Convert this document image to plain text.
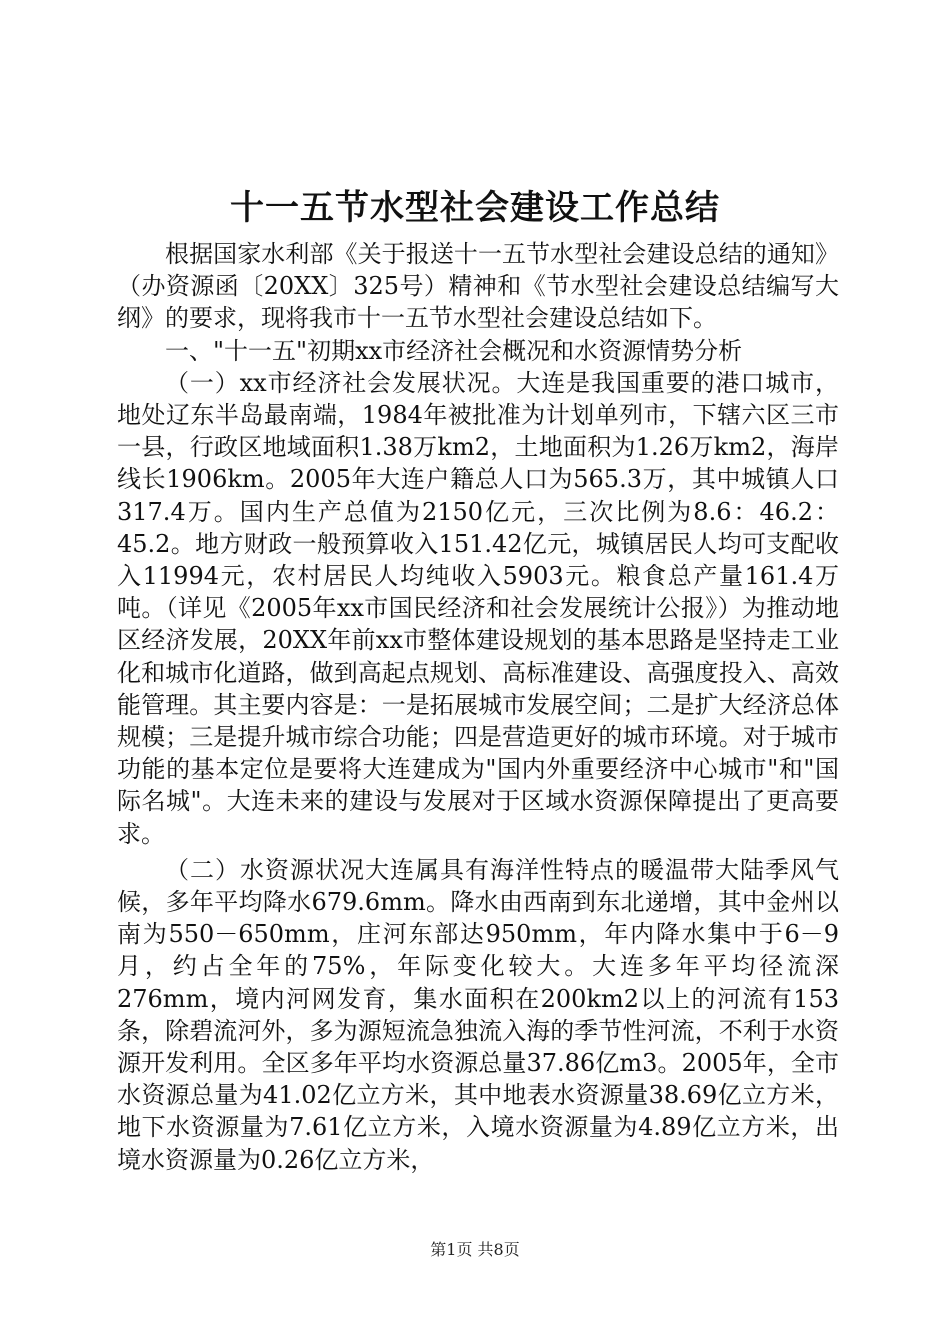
十一五节水型社会建设工作总结

根据国家水利部《关于报送十一五节水型社会建设总结的通知》（办资源函〔20XX〕325号）精神和《节水型社会建设总结编写大纲》的要求，现将我市十一五节水型社会建设总结如下。

一、"十一五"初期xx市经济社会概况和水资源情势分析

（一）xx市经济社会发展状况。大连是我国重要的港口城市，地处辽东半岛最南端，1984年被批准为计划单列市，下辖六区三市一县，行政区地域面积1.38万km2，土地面积为1.26万km2，海岸线长1906km。2005年大连户籍总人口为565.3万，其中城镇人口317.4万。国内生产总值为2150亿元，三次比例为8.6：46.2：45.2。地方财政一般预算收入151.42亿元，城镇居民人均可支配收入11994元，农村居民人均纯收入5903元。粮食总产量161.4万吨。（详见《2005年xx市国民经济和社会发展统计公报》）为推动地区经济发展，20XX年前xx市整体建设规划的基本思路是坚持走工业化和城市化道路，做到高起点规划、高标准建设、高强度投入、高效能管理。其主要内容是：一是拓展城市发展空间；二是扩大经济总体规模；三是提升城市综合功能；四是营造更好的城市环境。对于城市功能的基本定位是要将大连建成为"国内外重要经济中心城市"和"国际名城"。大连未来的建设与发展对于区域水资源保障提出了更高要求。

（二）水资源状况大连属具有海洋性特点的暖温带大陆季风气候，多年平均降水679.6mm。降水由西南到东北递增，其中金州以南为550－650mm，庄河东部达950mm，年内降水集中于6－9月，约占全年的75%，年际变化较大。大连多年平均径流深276mm，境内河网发育，集水面积在200km2以上的河流有153条，除碧流河外，多为源短流急独流入海的季节性河流，不利于水资源开发利用。全区多年平均水资源总量37.86亿m3。2005年，全市水资源总量为41.02亿立方米，其中地表水资源量38.69亿立方米，地下水资源量为7.61亿立方米，入境水资源量为4.89亿立方米，出境水资源量为0.26亿立方米，

第1页 共8页
